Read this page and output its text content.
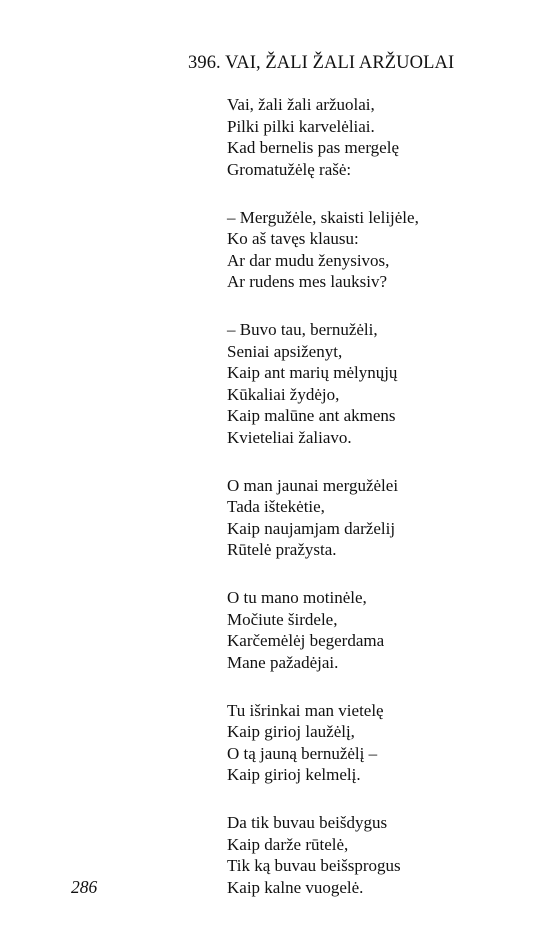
396. VAI, ŽALI ŽALI ARŽUOLAI
Vai, žali žali aržuolai,
Pilki pilki karvelėliai.
Kad bernelis pas mergelę
Gromatužėlę rašė:
– Mergužėle, skaisti lelijėle,
Ko aš tavęs klausu:
Ar dar mudu ženysivos,
Ar rudens mes lauksiv?
– Buvo tau, bernužėli,
Seniai apsiženyt,
Kaip ant marių mėlynųjų
Kūkaliai žydėjo,
Kaip malūne ant akmens
Kvieteliai žaliavo.
O man jaunai mergužėlei
Tada ištekėtie,
Kaip naujamjam darželij
Rūtelė pražysta.
O tu mano motinėle,
Močiute širdele,
Karčemėlėj begerdama
Mane pažadėjai.
Tu išrinkai man vietelę
Kaip girioj laužėlį,
O tą jauną bernužėlį –
Kaip girioj kelmelį.
Da tik buvau beišdygus
Kaip darže rūtelė,
Tik ką buvau beišsprogus
Kaip kalne vuogelė.
286
